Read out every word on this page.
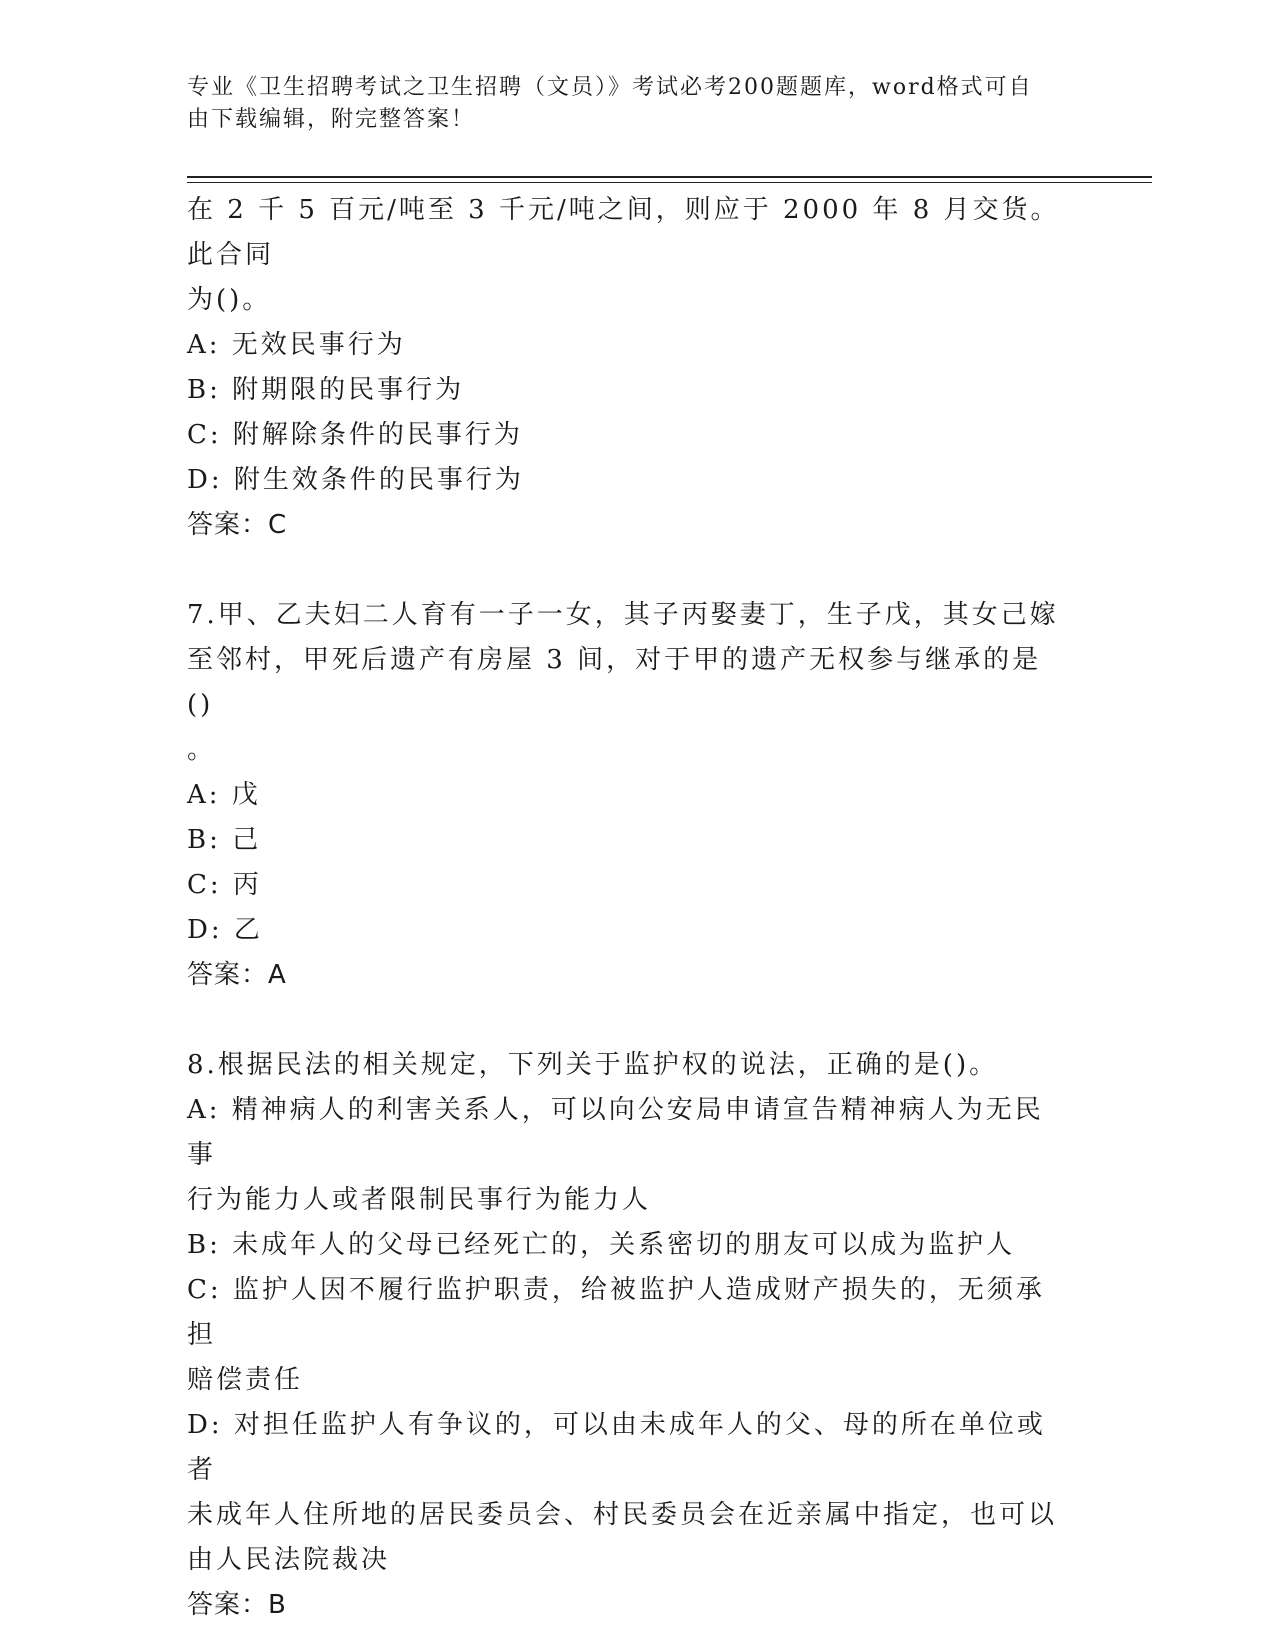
专业《卫生招聘考试之卫生招聘（文员）》考试必考200题题库，word格式可自
由下载编辑，附完整答案！
在 2 千 5 百元/吨至 3 千元/吨之间，则应于 2000 年 8 月交货。此合同
为()。
A: 无效民事行为
B: 附期限的民事行为
C: 附解除条件的民事行为
D: 附生效条件的民事行为
答案：C
7.甲、乙夫妇二人育有一子一女，其子丙娶妻丁，生子戊，其女己嫁
至邻村，甲死后遗产有房屋 3 间，对于甲的遗产无权参与继承的是()
。
A: 戊
B: 己
C: 丙
D: 乙
答案：A
8.根据民法的相关规定，下列关于监护权的说法，正确的是()。
A: 精神病人的利害关系人，可以向公安局申请宣告精神病人为无民事
行为能力人或者限制民事行为能力人
B: 未成年人的父母已经死亡的，关系密切的朋友可以成为监护人
C: 监护人因不履行监护职责，给被监护人造成财产损失的，无须承担
赔偿责任
D: 对担任监护人有争议的，可以由未成年人的父、母的所在单位或者
未成年人住所地的居民委员会、村民委员会在近亲属中指定，也可以
由人民法院裁决
答案：B
